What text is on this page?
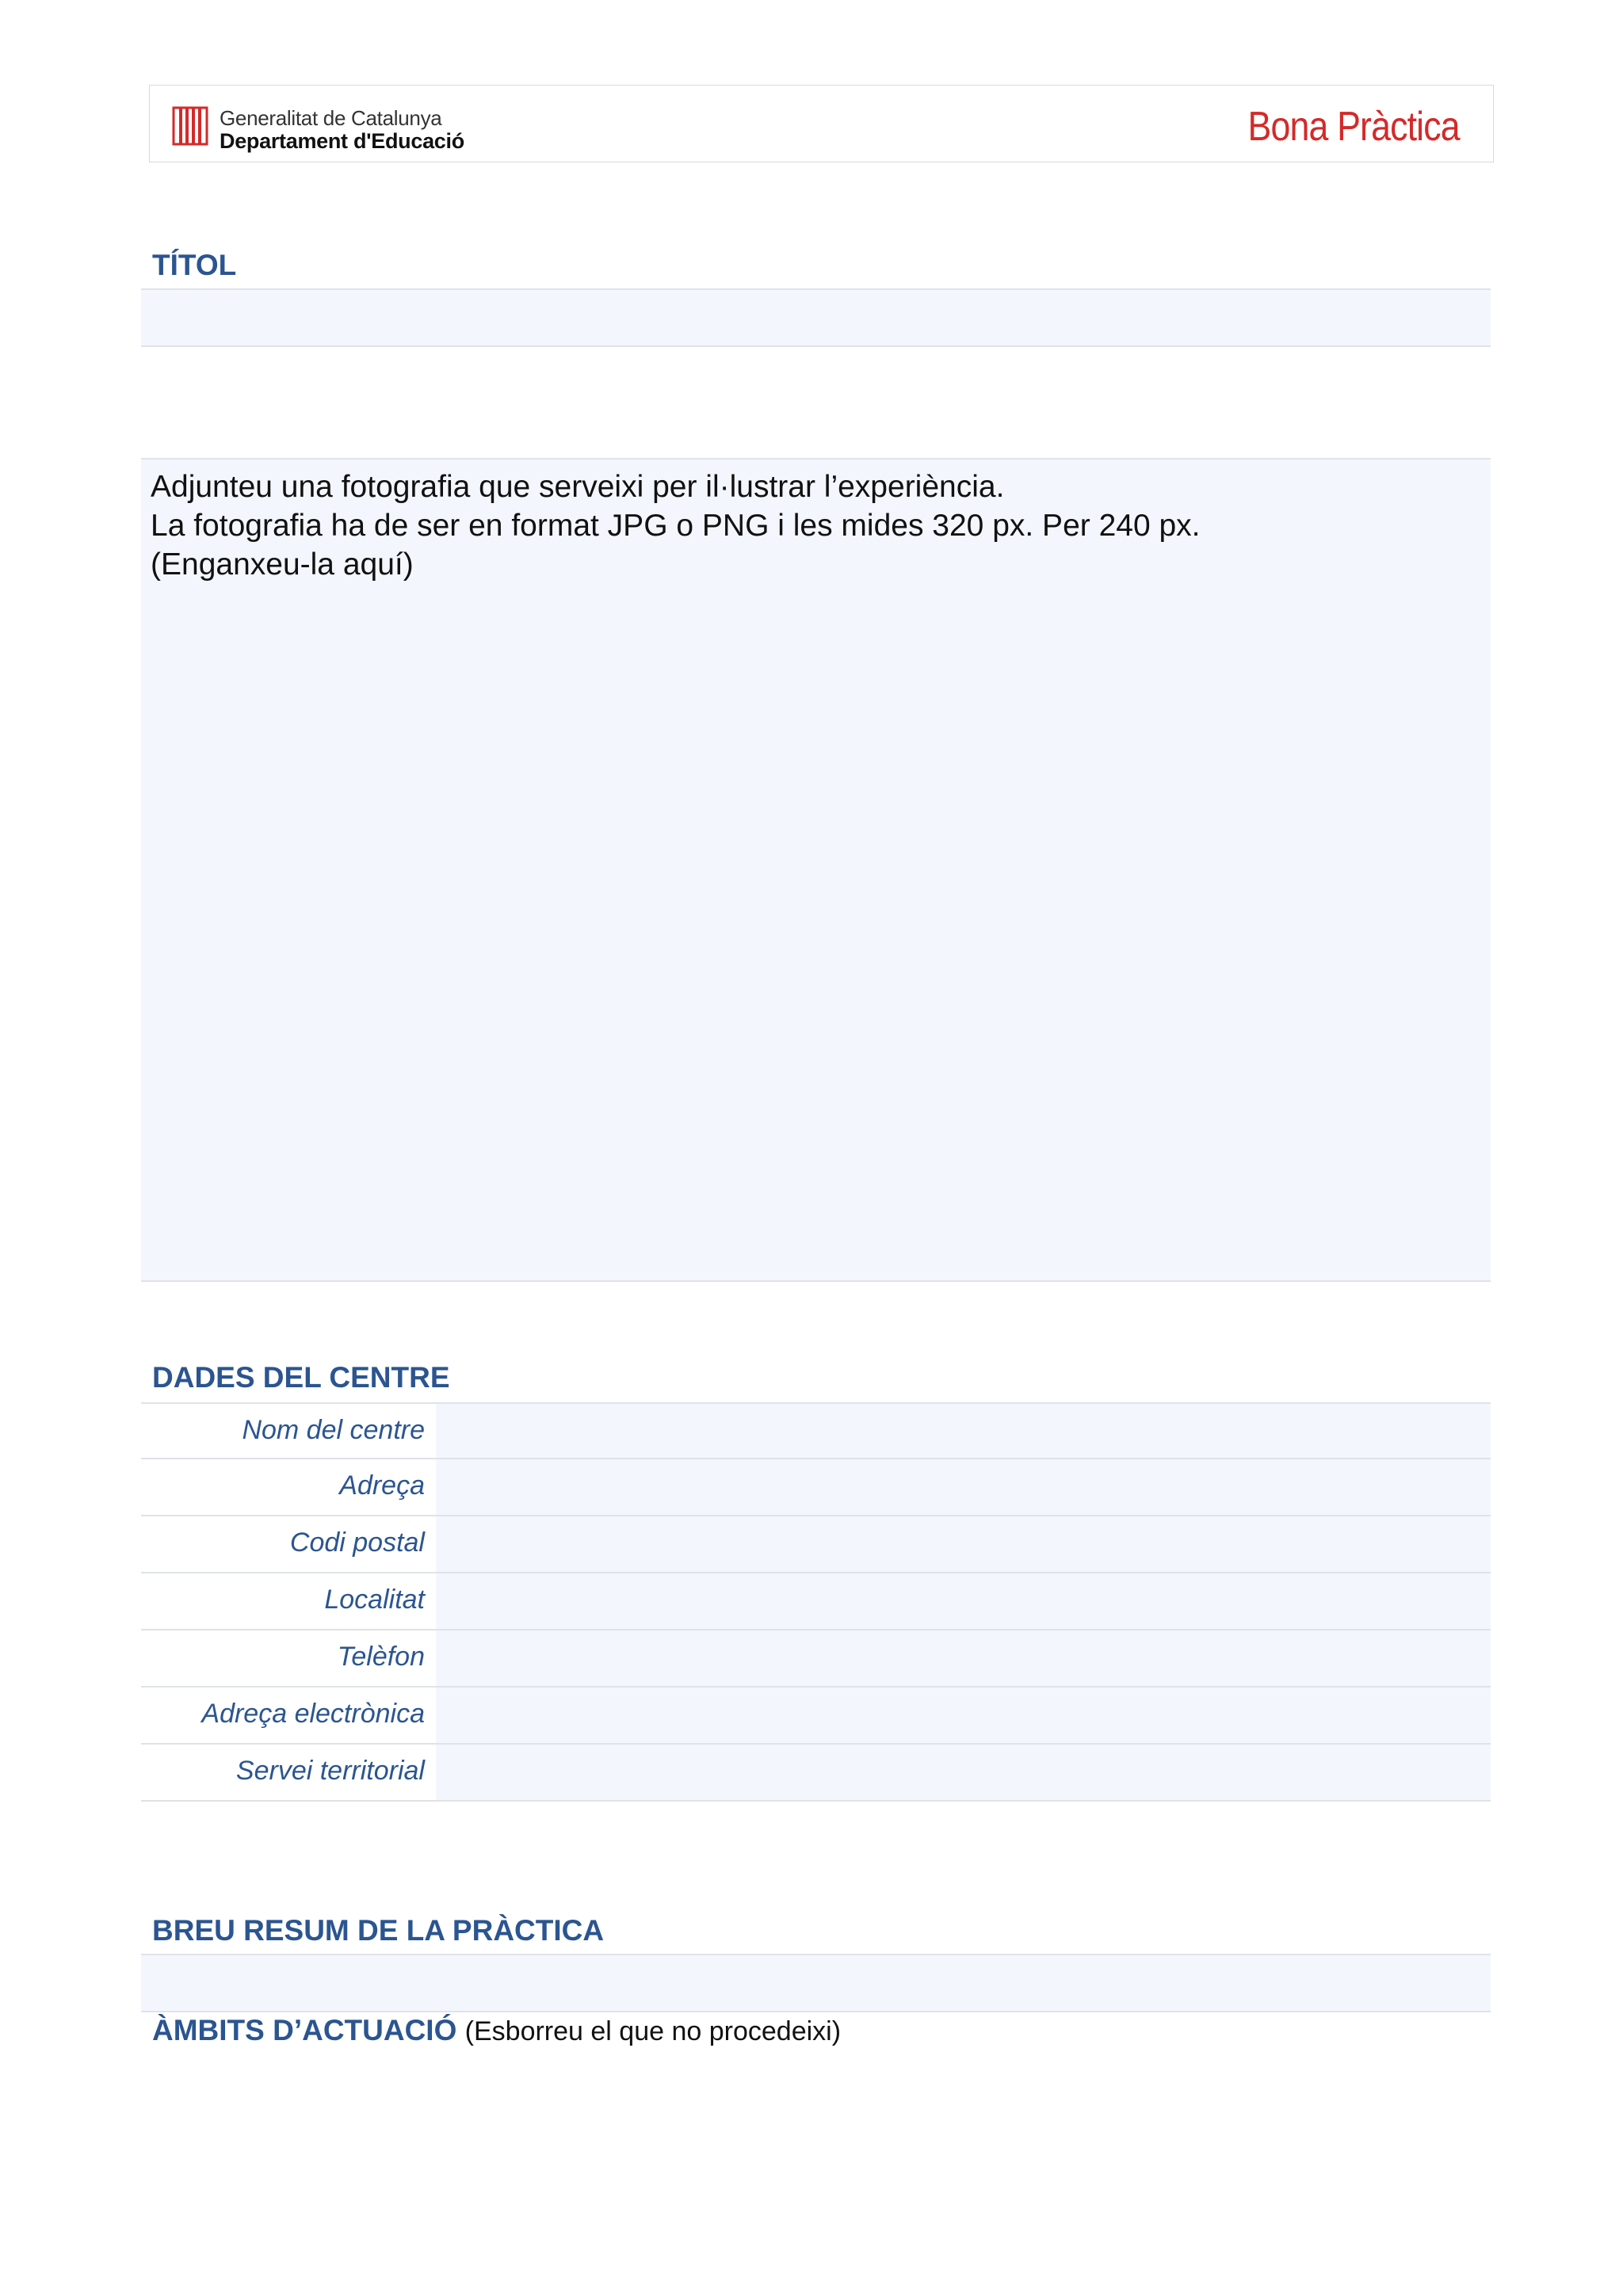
Generalitat de Catalunya
Departament d'Educació	Bona Pràctica
TÍTOL
Adjunteu una fotografia que serveixi per il·lustrar l’experiència.
La fotografia ha de ser en format JPG o PNG i les mides 320 px. Per 240 px.
(Enganxeu-la aquí)
DADES DEL CENTRE
Nom del centre
Adreça
Codi postal
Localitat
Telèfon
Adreça electrònica
Servei territorial
BREU RESUM DE LA PRÀCTICA
ÀMBITS D’ACTUACIÓ (Esborreu el que no procedeixi)
